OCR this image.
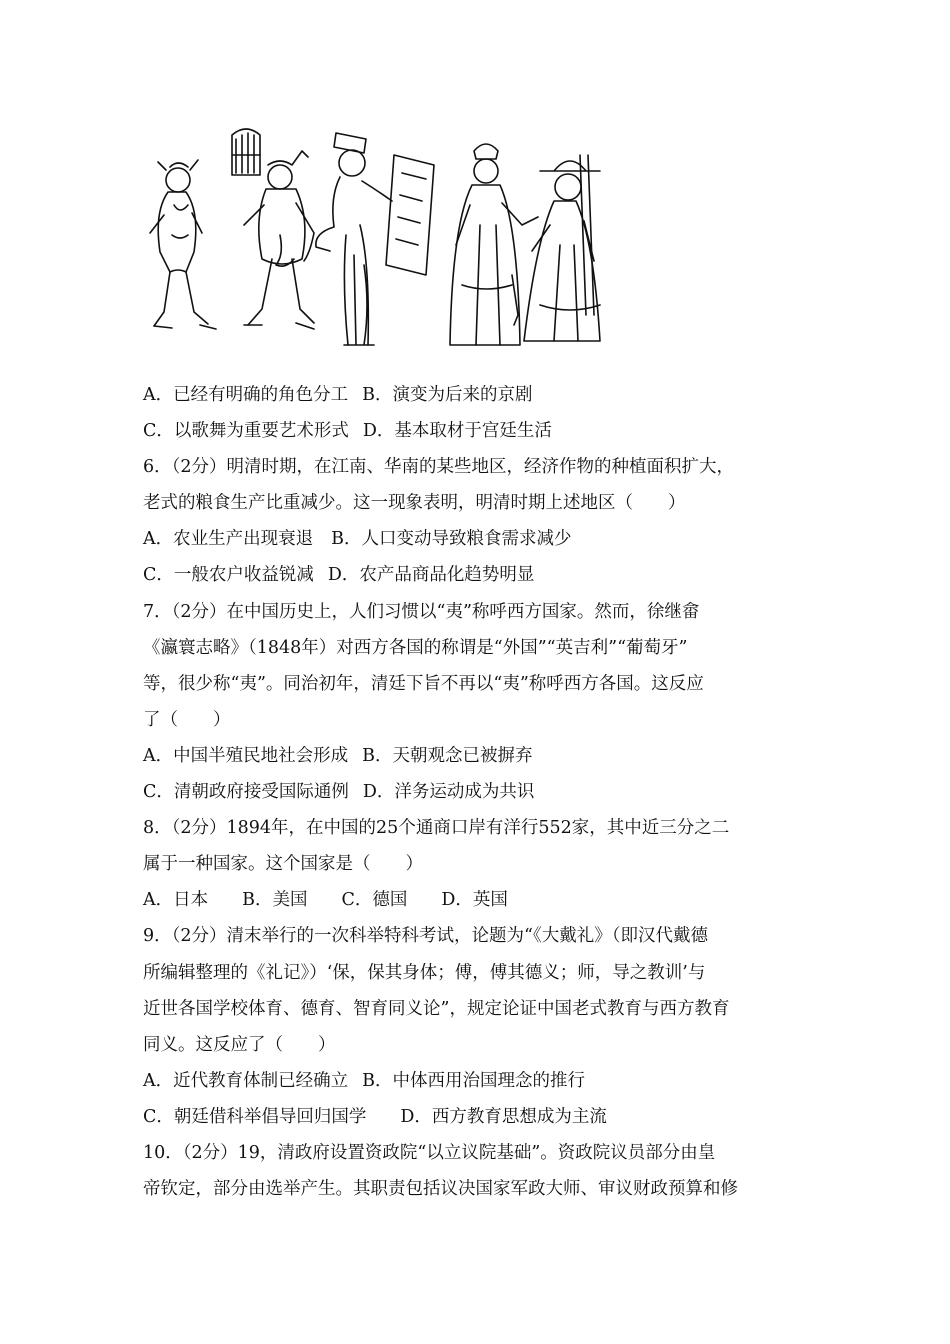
A．已经有明确的角色分工 B．演变为后来的京剧
C．以歌舞为重要艺术形式 D．基本取材于宫廷生活
6．（2分）明清时期，在江南、华南的某些地区，经济作物的种植面积扩大，
老式的粮食生产比重减少。这一现象表明，明清时期上述地区（　　）
A．农业生产出现衰退 B．人口变动导致粮食需求减少
C．一般农户收益锐减 D．农产品商品化趋势明显
7．（2分）在中国历史上，人们习惯以“夷”称呼西方国家。然而，徐继畲
《瀛寰志略》（1848年）对西方各国的称谓是“外国”“英吉利”“葡萄牙”
等，很少称“夷”。同治初年，清廷下旨不再以“夷”称呼西方各国。这反应
了（　　）
A．中国半殖民地社会形成 B．天朝观念已被摒弃
C．清朝政府接受国际通例 D．洋务运动成为共识
8．（2分）1894年，在中国的25个通商口岸有洋行552家，其中近三分之二
属于一种国家。这个国家是（　　）
A．日本 B．美国 C．德国 D．英国
9．（2分）清末举行的一次科举特科考试，论题为“《大戴礼》（即汉代戴德
所编辑整理的《礼记》）‘保，保其身体；傅，傅其德义；师，导之教训’与
近世各国学校体育、德育、智育同义论”，规定论证中国老式教育与西方教育
同义。这反应了（　　）
A．近代教育体制已经确立 B．中体西用治国理念的推行
C．朝廷借科举倡导回归国学 D．西方教育思想成为主流
10．（2分）19，清政府设置资政院“以立议院基础”。资政院议员部分由皇
帝钦定，部分由选举产生。其职责包括议决国家军政大师、审议财政预算和修
